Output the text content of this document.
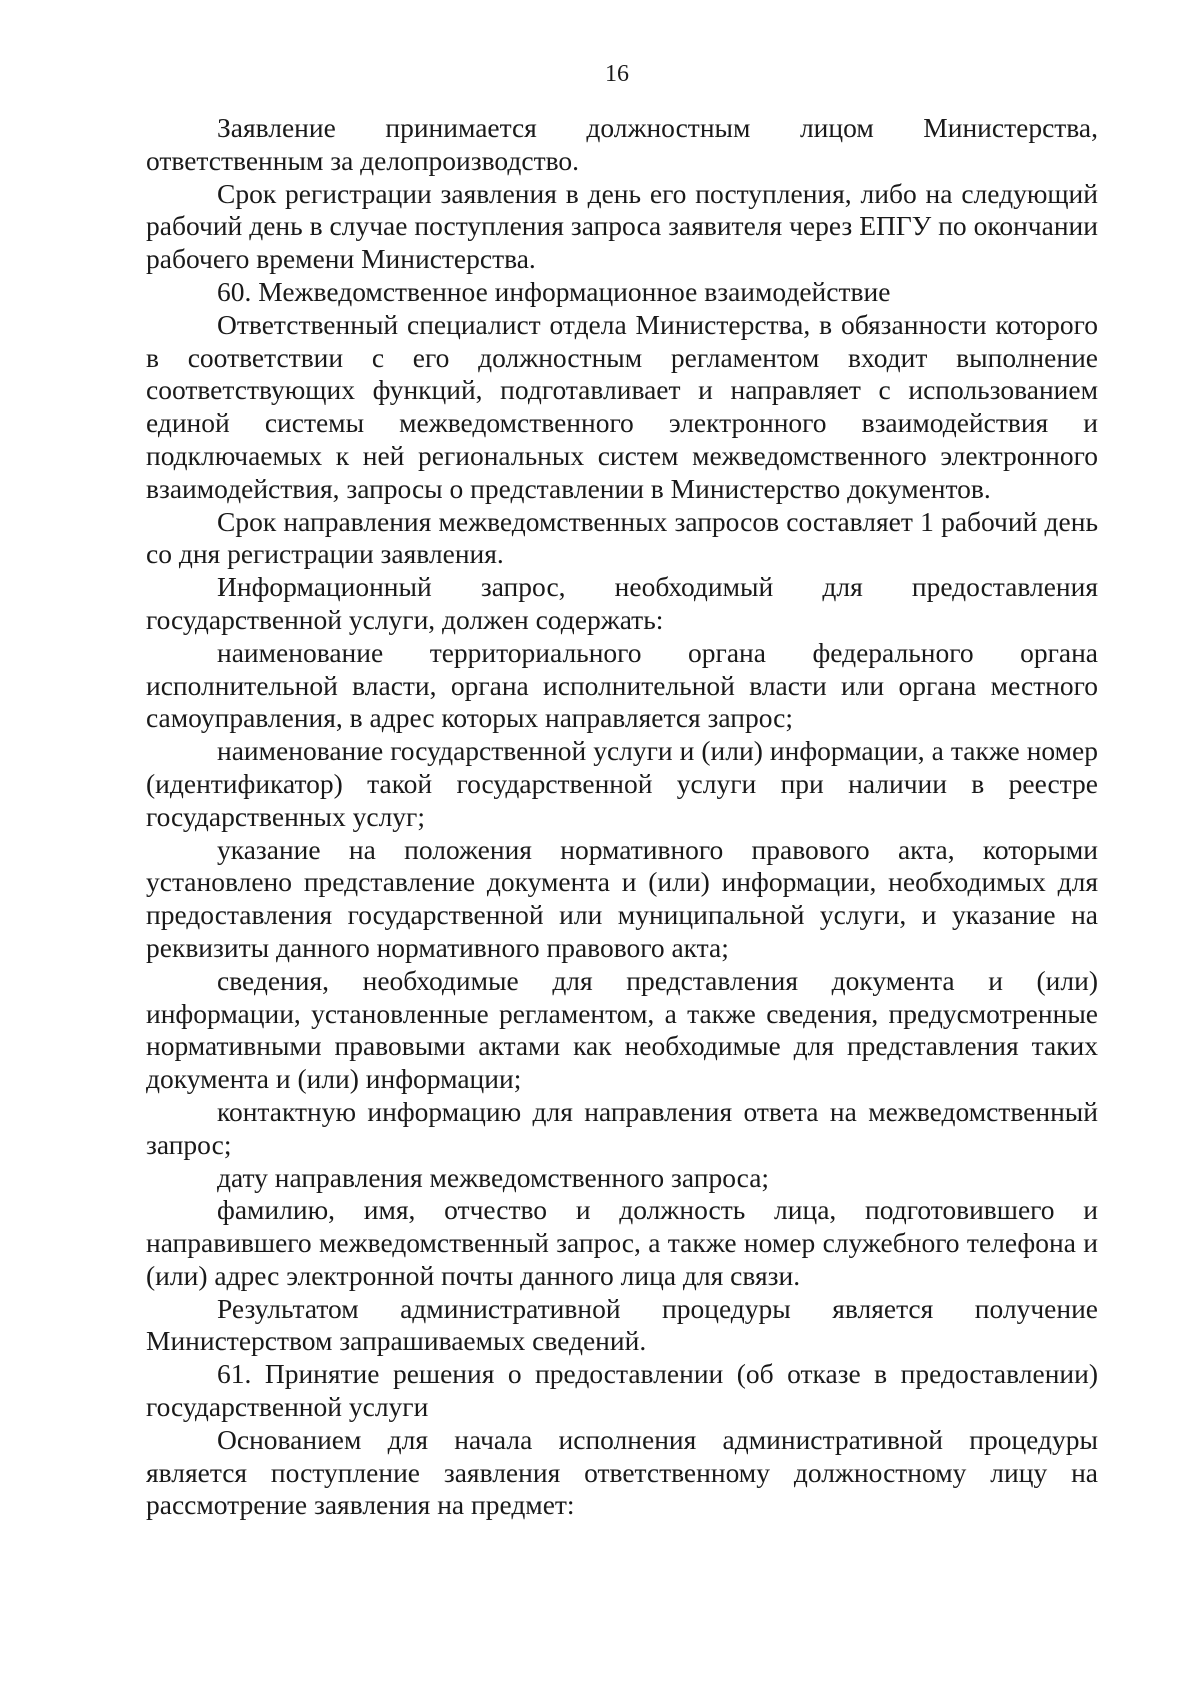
16

Заявление принимается должностным лицом Министерства, ответственным за делопроизводство.

Срок регистрации заявления в день его поступления, либо на следующий рабочий день в случае поступления запроса заявителя через ЕПГУ по окончании рабочего времени Министерства.

60. Межведомственное информационное взаимодействие

Ответственный специалист отдела Министерства, в обязанности которого в соответствии с его должностным регламентом входит выполнение соответствующих функций, подготавливает и направляет с использованием единой системы межведомственного электронного взаимодействия и подключаемых к ней региональных систем межведомственного электронного взаимодействия, запросы о представлении в Министерство документов.

Срок направления межведомственных запросов составляет 1 рабочий день со дня регистрации заявления.

Информационный запрос, необходимый для предоставления государственной услуги, должен содержать:

наименование территориального органа федерального органа исполнительной власти, органа исполнительной власти или органа местного самоуправления, в адрес которых направляется запрос;

наименование государственной услуги и (или) информации, а также номер (идентификатор) такой государственной услуги при наличии в реестре государственных услуг;

указание на положения нормативного правового акта, которыми установлено представление документа и (или) информации, необходимых для предоставления государственной или муниципальной услуги, и указание на реквизиты данного нормативного правового акта;

сведения, необходимые для представления документа и (или) информации, установленные регламентом, а также сведения, предусмотренные нормативными правовыми актами как необходимые для представления таких документа и (или) информации;

контактную информацию для направления ответа на межведомственный запрос;

дату направления межведомственного запроса;

фамилию, имя, отчество и должность лица, подготовившего и направившего межведомственный запрос, а также номер служебного телефона и (или) адрес электронной почты данного лица для связи.

Результатом административной процедуры является получение Министерством запрашиваемых сведений.

61. Принятие решения о предоставлении (об отказе в предоставлении) государственной услуги

Основанием для начала исполнения административной процедуры является поступление заявления ответственному должностному лицу на рассмотрение заявления на предмет:
